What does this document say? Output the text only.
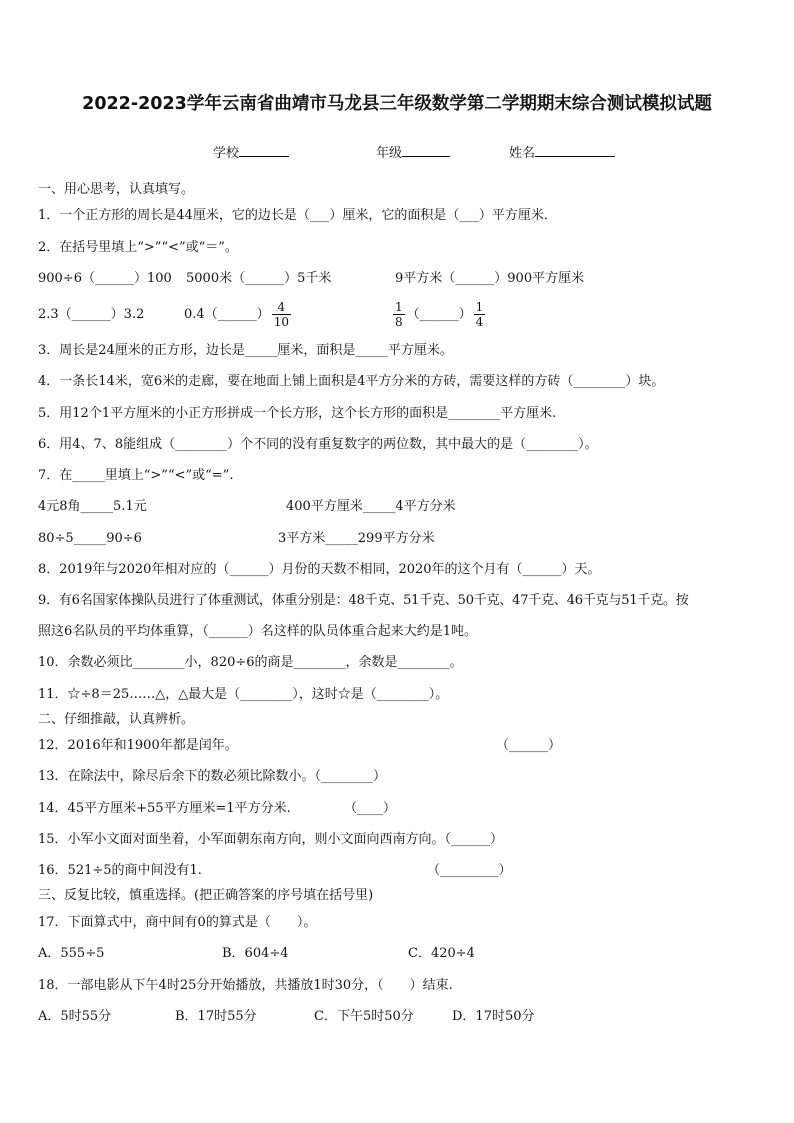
2022-2023学年云南省曲靖市马龙县三年级数学第二学期期末综合测试模拟试题
学校	年级	姓名
一、用心思考，认真填写。
1．一个正方形的周长是44厘米，它的边长是（___）厘米，它的面积是（___）平方厘米．
2．在括号里填上“>”“<”或“＝”。
900÷6（______）100 5000米（______）5千米	9平方米（______）900平方厘米
2.3（______）3.2	0.4（______） $\frac{4}{10}$	$\frac{1}{8}$ （______） $\frac{1}{4}$
3．周长是24厘米的正方形，边长是_____厘米，面积是_____平方厘米。
4．一条长14米，宽6米的走廊，要在地面上铺上面积是4平方分米的方砖，需要这样的方砖（________）块。
5．用12个1平方厘米的小正方形拼成一个长方形，这个长方形的面积是________平方厘米.
6．用4、7、8能组成（________）个不同的没有重复数字的两位数，其中最大的是（________）。
7．在_____里填上“>”“<”或“=”.
4元8角_____5.1元	400平方厘米_____4平方分米
80÷5_____90÷6	3平方米_____299平方分米
8．2019年与2020年相对应的（______）月份的天数不相同，2020年的这个月有（______）天。
9．有6名国家体操队员进行了体重测试，体重分别是：48千克、51千克、50千克、47千克、46千克与51千克。按
照这6名队员的平均体重算，（______）名这样的队员体重合起来大约是1吨。
10．余数必须比________小，820÷6的商是________，余数是________。
11．☆÷8＝25……△，△最大是（________），这时☆是（________）。
二、仔细推敲，认真辨析。
12．2016年和1900年都是闰年。	（______）
13．在除法中，除尽后余下的数必须比除数小。（________）
14．45平方厘米+55平方厘米=1平方分米.	（____）
15．小军小文面对面坐着，小军面朝东南方向，则小文面向西南方向。（______）
16．521÷5的商中间没有1.	（_________）
三、反复比较，慎重选择。(把正确答案的序号填在括号里)
17．下面算式中，商中间有0的算式是（　　）。
A．555÷5	B．604÷4	C．420÷4
18．一部电影从下午4时25分开始播放，共播放1时30分，（　　）结束.
A．5时55分	B．17时55分	C．下午5时50分	D．17时50分
